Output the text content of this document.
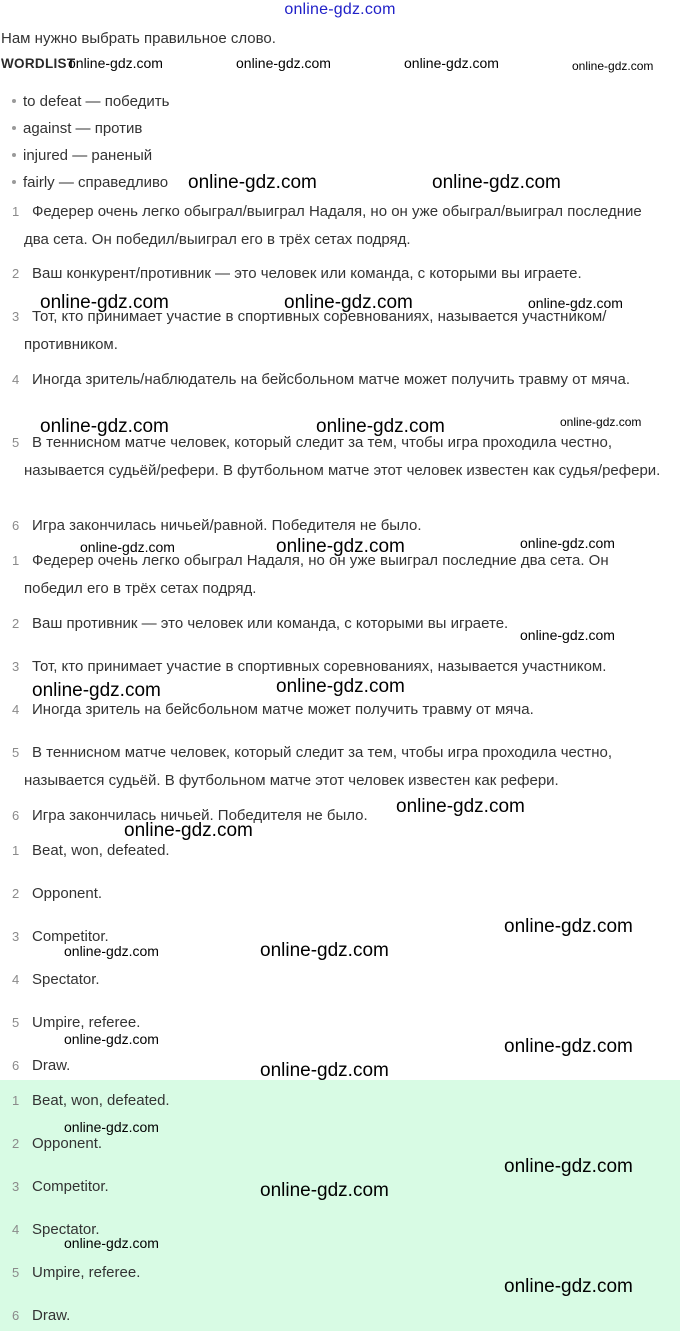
online-gdz.com
Нам нужно выбрать правильное слово.
WORDLIST
to defeat — победить
against — против
injured — раненый
fairly — справедливо
1 Федерер очень легко обыграл/выиграл Надаля, но он уже обыграл/выиграл последние два сета. Он победил/выиграл его в трёх сетах подряд.
2 Ваш конкурент/противник — это человек или команда, с которыми вы играете.
3 Тот, кто принимает участие в спортивных соревнованиях, называется участником/противником.
4 Иногда зритель/наблюдатель на бейсбольном матче может получить травму от мяча.
5 В теннисном матче человек, который следит за тем, чтобы игра проходила честно, называется судьёй/рефери. В футбольном матче этот человек известен как судья/рефери.
6 Игра закончилась ничьей/равной. Победителя не было.
1 Федерер очень легко обыграл Надаля, но он уже выиграл последние два сета. Он победил его в трёх сетах подряд.
2 Ваш противник — это человек или команда, с которыми вы играете.
3 Тот, кто принимает участие в спортивных соревнованиях, называется участником.
4 Иногда зритель на бейсбольном матче может получить травму от мяча.
5 В теннисном матче человек, который следит за тем, чтобы игра проходила честно, называется судьёй. В футбольном матче этот человек известен как рефери.
6 Игра закончилась ничьей. Победителя не было.
1 Beat, won, defeated.
2 Opponent.
3 Competitor.
4 Spectator.
5 Umpire, referee.
6 Draw.
1 Beat, won, defeated.
2 Opponent.
3 Competitor.
4 Spectator.
5 Umpire, referee.
6 Draw.
online-gdz.com	online-gdz.com	online-gdz.com	online-gdz.com
online-gdz.com	online-gdz.com
online-gdz.com	online-gdz.com	online-gdz.com
online-gdz.com	online-gdz.com	online-gdz.com
online-gdz.com	online-gdz.com	online-gdz.com
online-gdz.com
online-gdz.com	online-gdz.com
online-gdz.com
online-gdz.com
online-gdz.com
online-gdz.com	online-gdz.com
online-gdz.com	online-gdz.com
online-gdz.com
online-gdz.com
online-gdz.com
online-gdz.com
online-gdz.com
online-gdz.com
